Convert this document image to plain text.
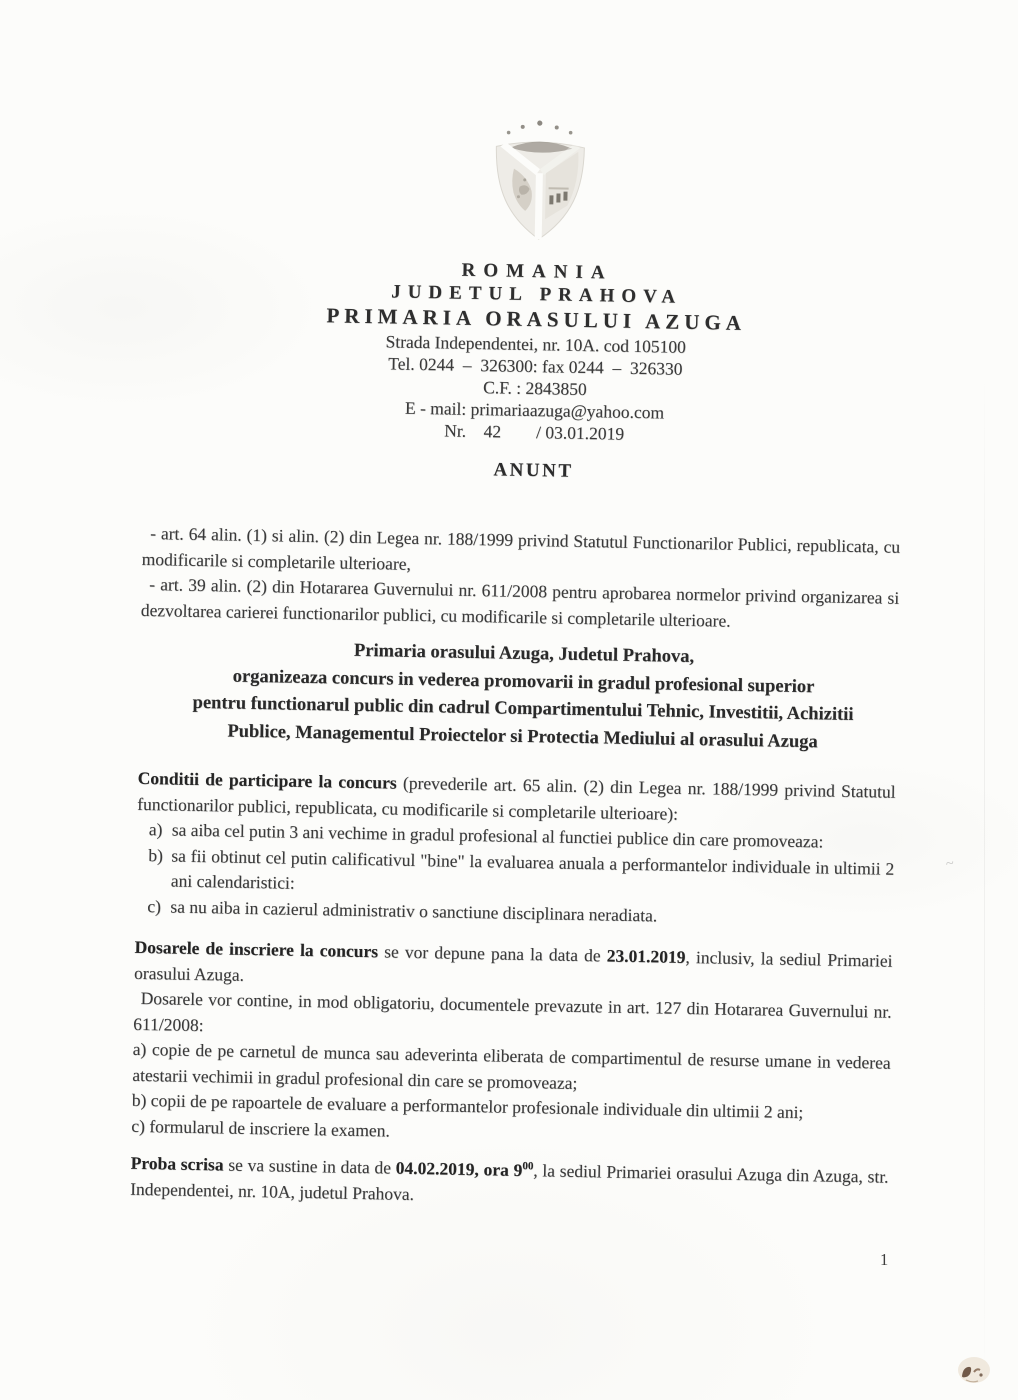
ROMANIA
JUDETUL PRAHOVA
PRIMARIA ORASULUI AZUGA
Strada Independentei, nr. 10A. cod 105100
Tel. 0244  –  326300: fax 0244  –  326330
C.F. : 2843850
E - mail: primariaazuga@yahoo.com
Nr.    42        / 03.01.2019
ANUNT

- art. 64 alin. (1) si alin. (2) din Legea nr. 188/1999 privind Statutul Functionarilor Publici, republicata, cu modificarile si completarile ulterioare,

- art. 39 alin. (2) din Hotararea Guvernului nr. 611/2008 pentru aprobarea normelor privind organizarea si dezvoltarea carierei functionarilor publici, cu modificarile si completarile ulterioare.

Primaria orasului Azuga, Judetul Prahova,
organizeaza concurs in vederea promovarii in gradul profesional superior
pentru functionarul public din cadrul Compartimentului Tehnic, Investitii, Achizitii
Publice, Managementul Proiectelor si Protectia Mediului al orasului Azuga

Conditii de participare la concurs (prevederile art. 65 alin. (2) din Legea nr. 188/1999 privind Statutul functionarilor publici, republicata, cu modificarile si completarile ulterioare):

a) sa aiba cel putin 3 ani vechime in gradul profesional al functiei publice din care promoveaza:

b) sa fii obtinut cel putin calificativul "bine" la evaluarea anuala a performantelor individuale in ultimii 2 ani calendaristici:

c) sa nu aiba in cazierul administrativ o sanctiune disciplinara neradiata.

Dosarele de inscriere la concurs se vor depune pana la data de 23.01.2019, inclusiv, la sediul Primariei orasului Azuga.

Dosarele vor contine, in mod obligatoriu, documentele prevazute in art. 127 din Hotararea Guvernului nr. 611/2008:

a) copie de pe carnetul de munca sau adeverinta eliberata de compartimentul de resurse umane in vederea atestarii vechimii in gradul profesional din care se promoveaza;

b) copii de pe rapoartele de evaluare a performantelor profesionale individuale din ultimii 2 ani;

c) formularul de inscriere la examen.

Proba scrisa se va sustine in data de 04.02.2019, ora $9^{00}$, la sediul Primariei orasului Azuga din Azuga, str. Independentei, nr. 10A, judetul Prahova.

1
~
